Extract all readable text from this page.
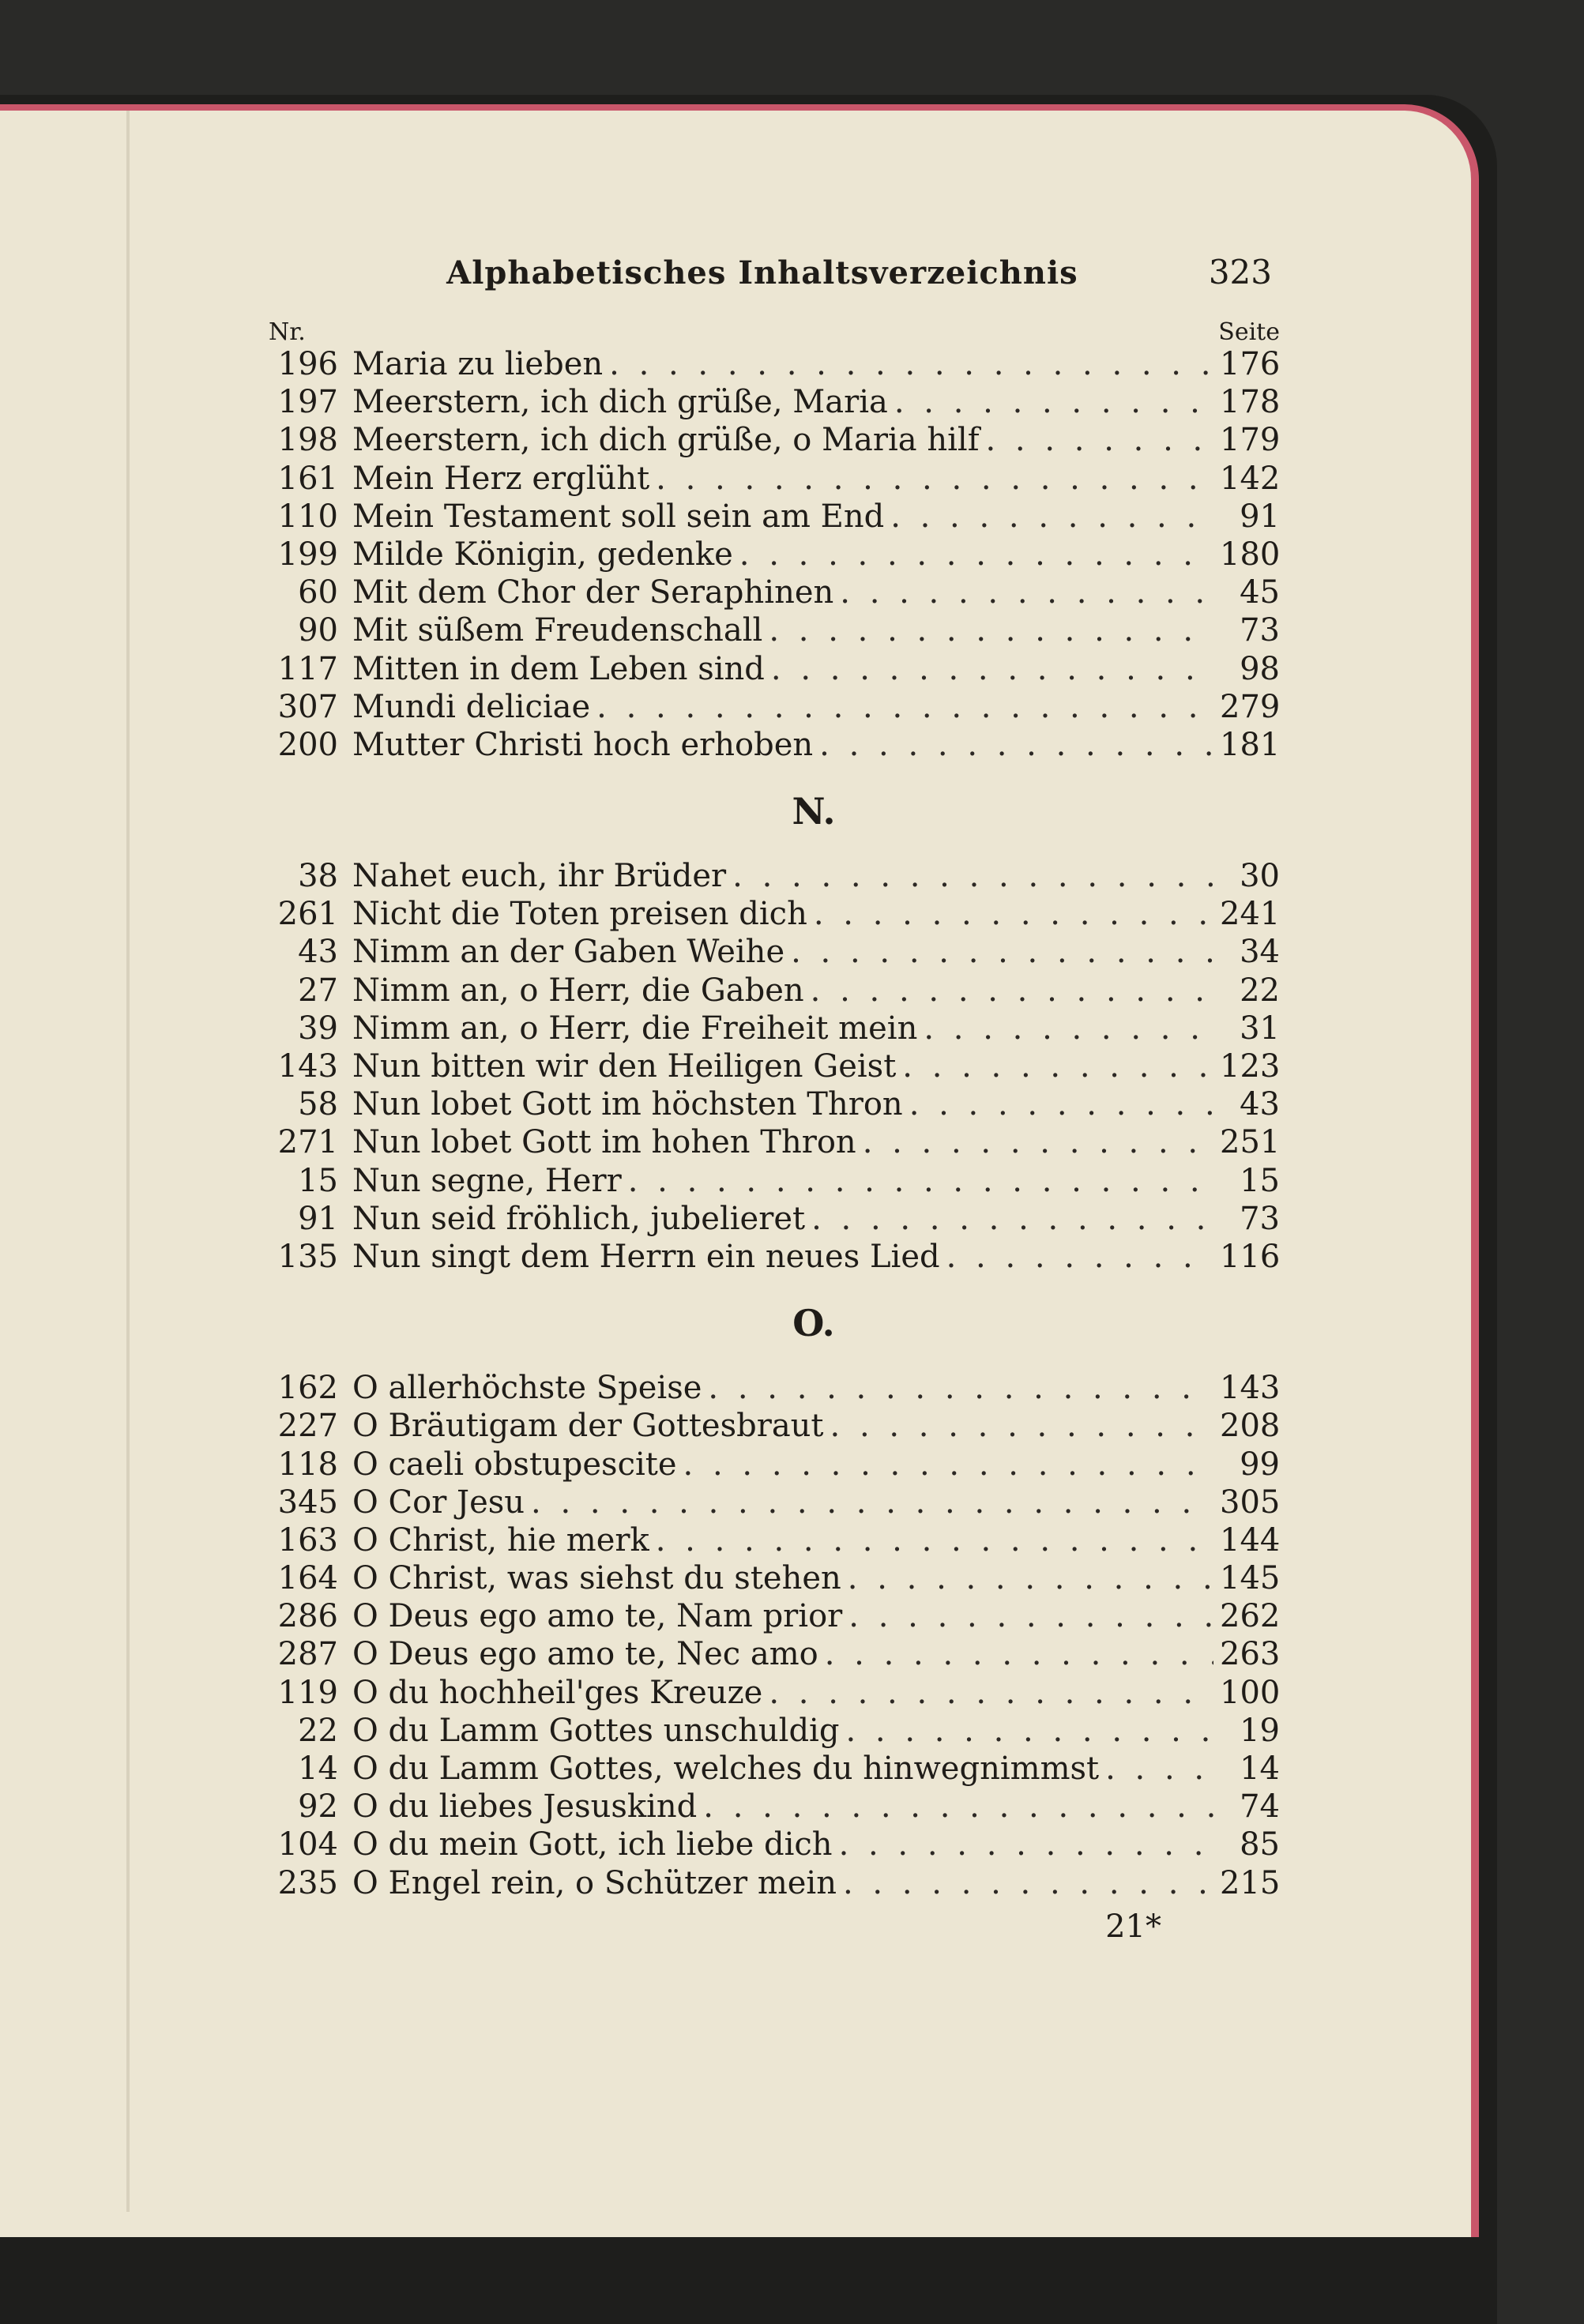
Alphabetisches Inhaltsverzeichnis	323
Nr.	Seite
196 Maria zu lieben . . .	176
197 Meerstern, ich dich grüße, Maria . . .	178
198 Meerstern, ich dich grüße, o Maria hilf . . .	179
161 Mein Herz erglüht . . .	142
110 Mein Testament soll sein am End . . .	91
199 Milde Königin, gedenke . . .	180
60 Mit dem Chor der Seraphinen . . .	45
90 Mit süßem Freudenschall . . .	73
117 Mitten in dem Leben sind . . .	98
307 Mundi deliciae . . .	279
200 Mutter Christi hoch erhoben . . .	181
N.
38 Nahet euch, ihr Brüder . . .	30
261 Nicht die Toten preisen dich . . .	241
43 Nimm an der Gaben Weihe . . .	34
27 Nimm an, o Herr, die Gaben . . .	22
39 Nimm an, o Herr, die Freiheit mein . . .	31
143 Nun bitten wir den Heiligen Geist . . .	123
58 Nun lobet Gott im höchsten Thron . . .	43
271 Nun lobet Gott im hohen Thron . . .	251
15 Nun segne, Herr . . .	15
91 Nun seid fröhlich, jubelieret . . .	73
135 Nun singt dem Herrn ein neues Lied . . .	116
O.
162 O allerhöchste Speise . . .	143
227 O Bräutigam der Gottesbraut . . .	208
118 O caeli obstupescite . . .	99
345 O Cor Jesu . . .	305
163 O Christ, hie merk . . .	144
164 O Christ, was siehst du stehen . . .	145
286 O Deus ego amo te, Nam prior . . .	262
287 O Deus ego amo te, Nec amo . . .	263
119 O du hochheil'ges Kreuze . . .	100
22 O du Lamm Gottes unschuldig . . .	19
14 O du Lamm Gottes, welches du hinwegnimmst . . .	14
92 O du liebes Jesuskind . . .	74
104 O du mein Gott, ich liebe dich . . .	85
235 O Engel rein, o Schützer mein . . .	215
21*
